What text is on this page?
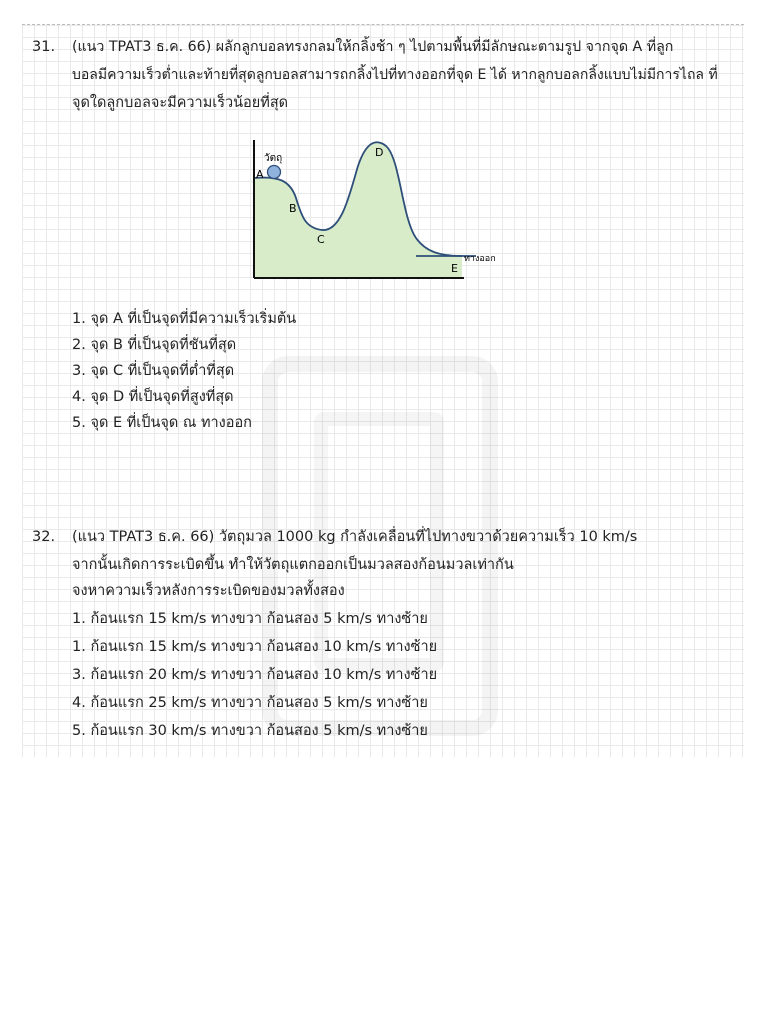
31. (แนว TPAT3 ธ.ค. 66) ผลักลูกบอลทรงกลมให้กลิ้งช้า ๆ ไปตามพื้นที่มีลักษณะตามรูป จากจุด A ที่ลูก
บอลมีความเร็วต่ำและท้ายที่สุดลูกบอลสามารถกลิ้งไปที่ทางออกที่จุด E ได้ หากลูกบอลกลิ้งแบบไม่มีการไถล ที่
จุดใดลูกบอลจะมีความเร็วน้อยที่สุด
วัตถุ
A
B
C
D
E
ทางออก
1. จุด A ที่เป็นจุดที่มีความเร็วเริ่มต้น
2. จุด B ที่เป็นจุดที่ชันที่สุด
3. จุด C ที่เป็นจุดที่ต่ำที่สุด
4. จุด D ที่เป็นจุดที่สูงที่สุด
5. จุด E ที่เป็นจุด ณ ทางออก
32. (แนว TPAT3 ธ.ค. 66) วัตถุมวล 1000 kg กำลังเคลื่อนที่ไปทางขวาด้วยความเร็ว 10 km/s
จากนั้นเกิดการระเบิดขึ้น ทำให้วัตถุแตกออกเป็นมวลสองก้อนมวลเท่ากัน
จงหาความเร็วหลังการระเบิดของมวลทั้งสอง
1. ก้อนแรก 15 km/s ทางขวา ก้อนสอง 5 km/s ทางซ้าย
1. ก้อนแรก 15 km/s ทางขวา ก้อนสอง 10 km/s ทางซ้าย
3. ก้อนแรก 20 km/s ทางขวา ก้อนสอง 10 km/s ทางซ้าย
4. ก้อนแรก 25 km/s ทางขวา ก้อนสอง 5 km/s ทางซ้าย
5. ก้อนแรก 30 km/s ทางขวา ก้อนสอง 5 km/s ทางซ้าย
